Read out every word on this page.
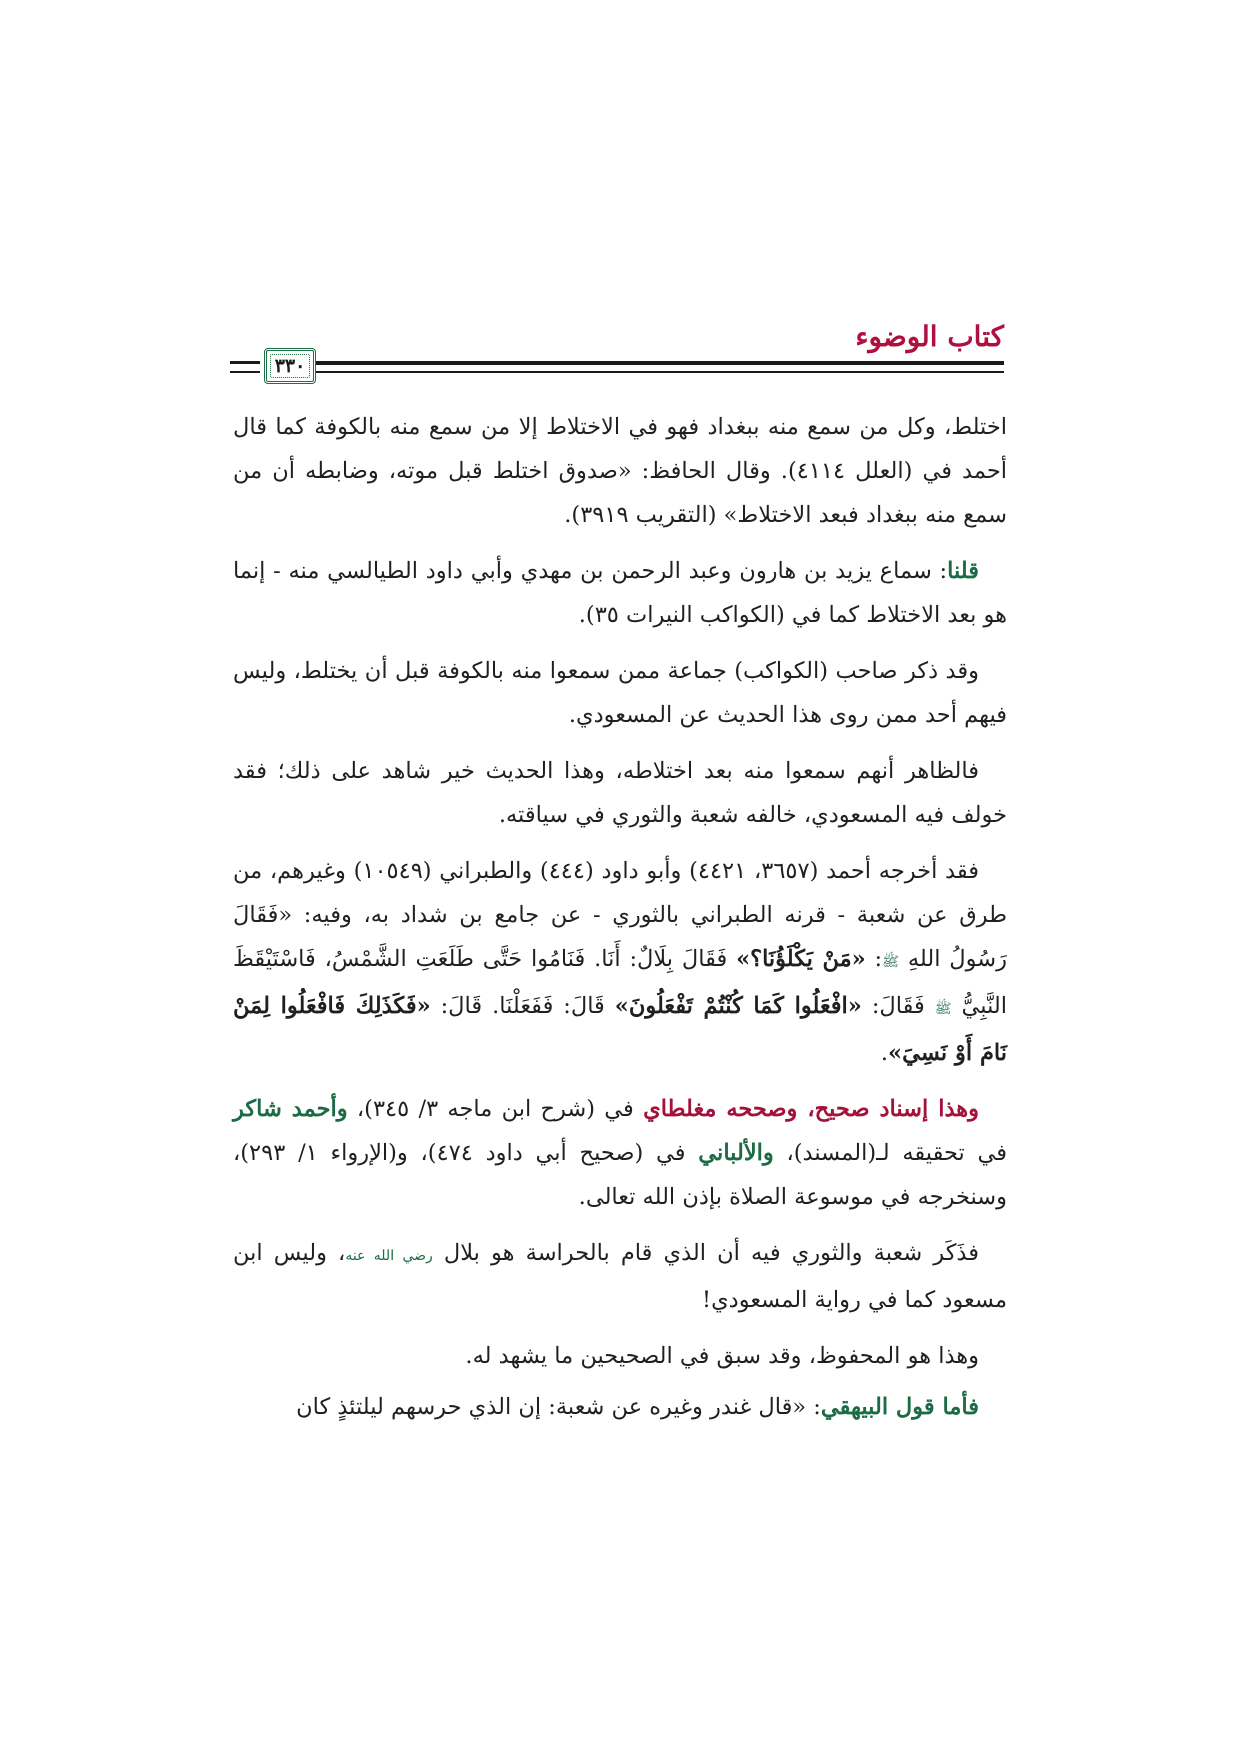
كتاب الوضوء
٣٣٠

اختلط، وكل من سمع منه ببغداد فهو في الاختلاط إلا من سمع منه بالكوفة كما قال أحمد في (العلل ٤١١٤). وقال الحافظ: «صدوق اختلط قبل موته، وضابطه أن من سمع منه ببغداد فبعد الاختلاط» (التقريب ٣٩١٩).

قلنا: سماع يزيد بن هارون وعبد الرحمن بن مهدي وأبي داود الطيالسي منه - إنما هو بعد الاختلاط كما في (الكواكب النيرات ٣٥).

وقد ذكر صاحب (الكواكب) جماعة ممن سمعوا منه بالكوفة قبل أن يختلط، وليس فيهم أحد ممن روى هذا الحديث عن المسعودي.

فالظاهر أنهم سمعوا منه بعد اختلاطه، وهذا الحديث خير شاهد على ذلك؛ فقد خولف فيه المسعودي، خالفه شعبة والثوري في سياقته.

فقد أخرجه أحمد (٣٦٥٧، ٤٤٢١) وأبو داود (٤٤٤) والطبراني (١٠٥٤٩) وغيرهم، من طرق عن شعبة - قرنه الطبراني بالثوري - عن جامع بن شداد به، وفيه: «فَقَالَ رَسُولُ اللهِ ﷺ: «مَنْ يَكْلَؤُنَا؟» فَقَالَ بِلَالٌ: أَنَا. فَنَامُوا حَتَّى طَلَعَتِ الشَّمْسُ، فَاسْتَيْقَظَ النَّبِيُّ ﷺ فَقَالَ: «افْعَلُوا كَمَا كُنْتُمْ تَفْعَلُونَ» قَالَ: فَفَعَلْنَا. قَالَ: «فَكَذَلِكَ فَافْعَلُوا لِمَنْ نَامَ أَوْ نَسِيَ».

وهذا إسناد صحيح، وصححه مغلطاي في (شرح ابن ماجه ٣/ ٣٤٥)، وأحمد شاكر في تحقيقه لـ(المسند)، والألباني في (صحيح أبي داود ٤٧٤)، و(الإرواء ١/ ٢٩٣)، وسنخرجه في موسوعة الصلاة بإذن الله تعالى.

فذَكَر شعبة والثوري فيه أن الذي قام بالحراسة هو بلال رضي الله عنه، وليس ابن مسعود كما في رواية المسعودي!

وهذا هو المحفوظ، وقد سبق في الصحيحين ما يشهد له.

فأما قول البيهقي: «قال غندر وغيره عن شعبة: إن الذي حرسهم ليلتئذٍ كان
